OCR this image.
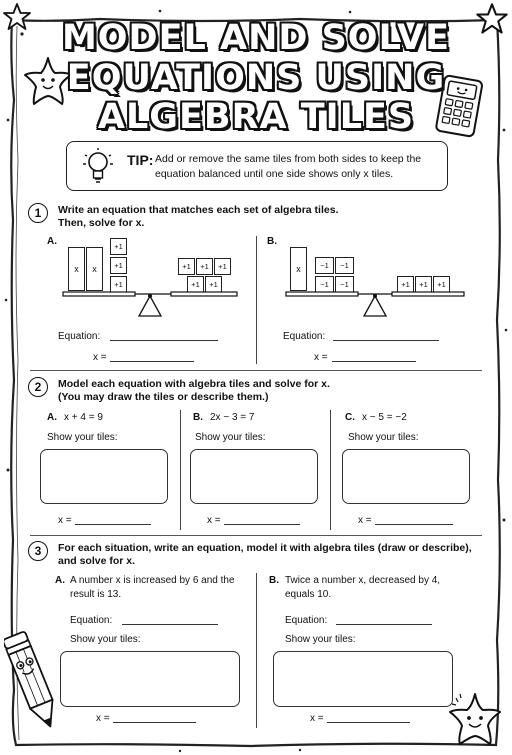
MODEL AND SOLVE
EQUATIONS USING
ALGEBRA TILES
TIP: Add or remove the same tiles from both sides to keep the equation balanced until one side shows only x tiles.
1	Write an equation that matches each set of algebra tiles.
Then, solve for x.
A.
x	x
+1
+1
+1
+1	+1	+1
+1	+1
Equation:
x =
B.
x	−1	−1
−1	−1	+1	+1	+1
Equation:
x =
2	Model each equation with algebra tiles and solve for x.
(You may draw the tiles or describe them.)
A. x + 4 = 9
Show your tiles:
x =
B. 2x − 3 = 7
Show your tiles:
x =
C. x − 5 = −2
Show your tiles:
x =
3	For each situation, write an equation, model it with algebra tiles (draw or describe),
and solve for x.
A. A number x is increased by 6 and the
result is 13.
Equation:
Show your tiles:
x =
B. Twice a number x, decreased by 4,
equals 10.
Equation:
Show your tiles:
x =
